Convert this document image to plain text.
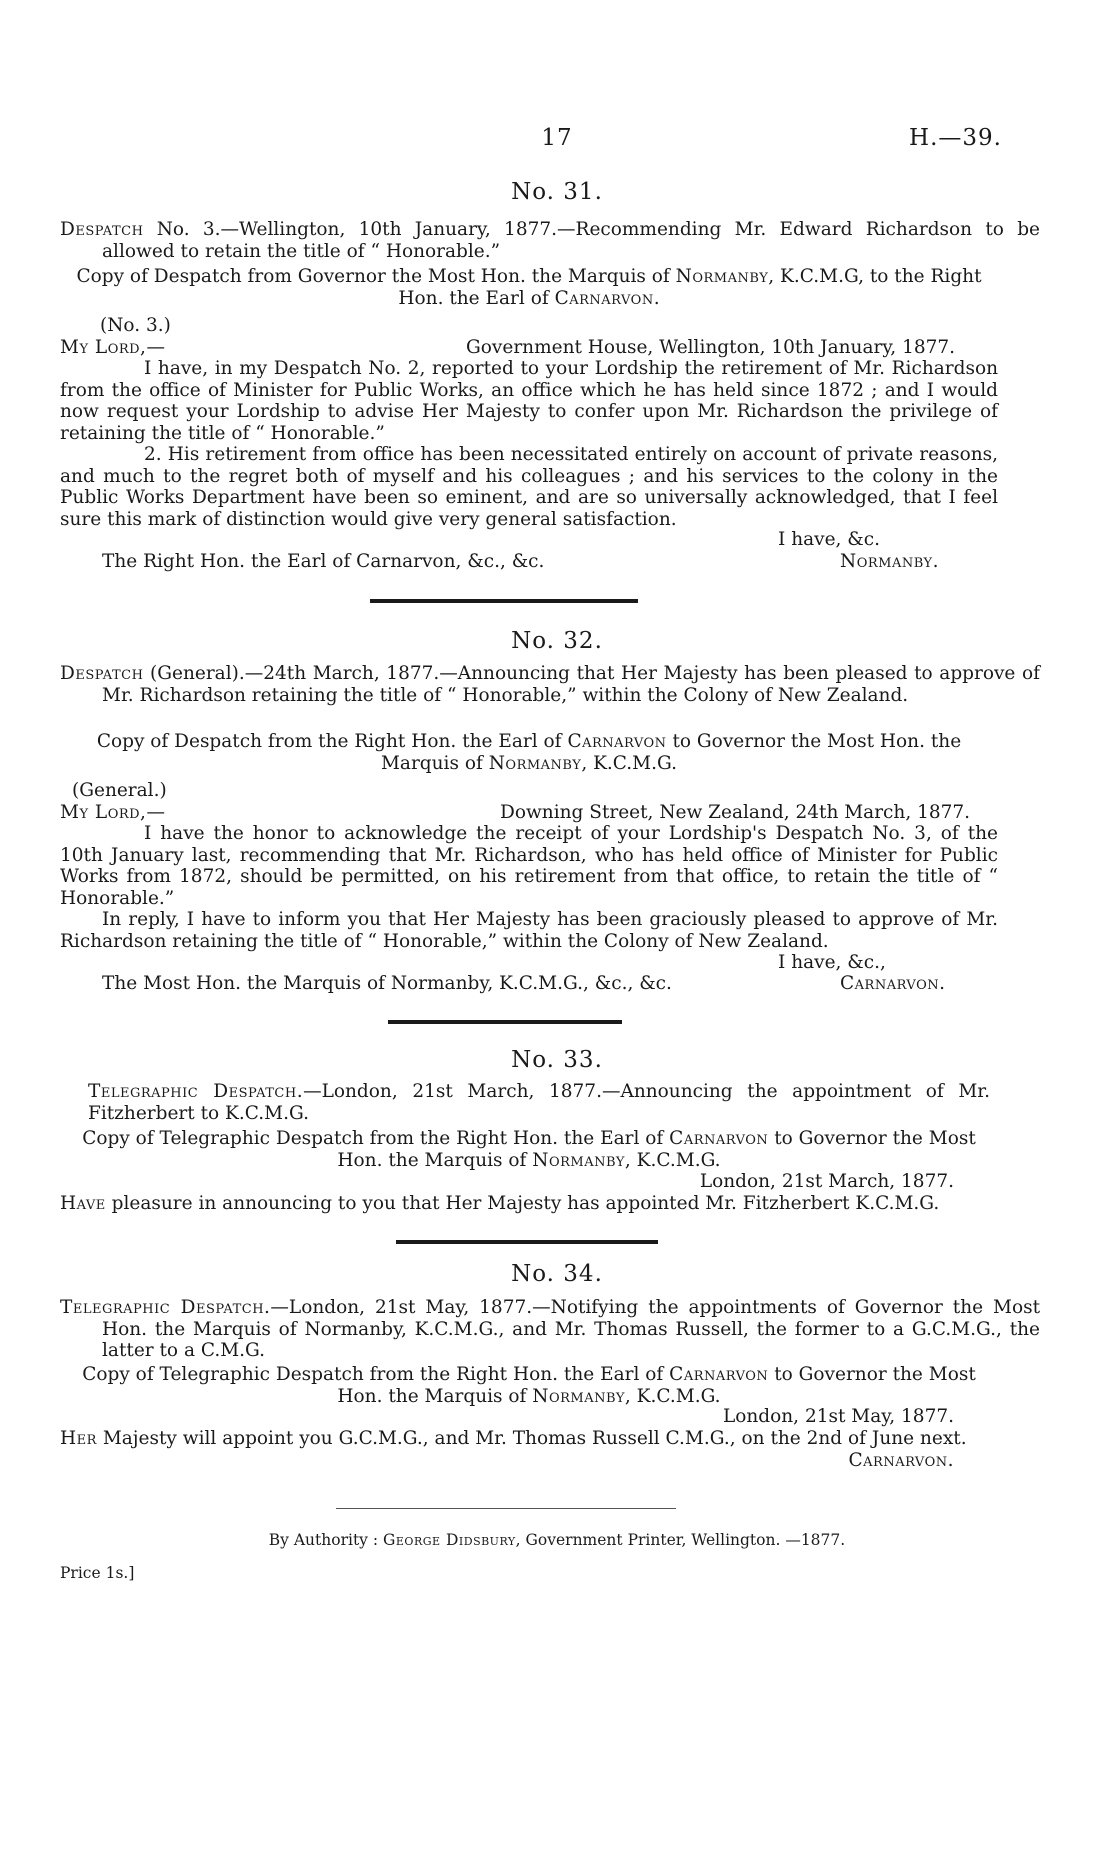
17	H.—39.
No. 31.
Despatch No. 3.—Wellington, 10th January, 1877.—Recommending Mr. Edward Richardson to be allowed to retain the title of “ Honorable.”
Copy of Despatch from Governor the Most Hon. the Marquis of Normanby, K.C.M.G, to the Right Hon. the Earl of Carnarvon.
(No. 3.)
My Lord,—	Government House, Wellington, 10th January, 1877.
I have, in my Despatch No. 2, reported to your Lordship the retirement of Mr. Richardson from the office of Minister for Public Works, an office which he has held since 1872 ; and I would now request your Lordship to advise Her Majesty to confer upon Mr. Richardson the privilege of retaining the title of “ Honorable.”
2. His retirement from office has been necessitated entirely on account of private reasons, and much to the regret both of myself and his colleagues ; and his services to the colony in the Public Works Department have been so eminent, and are so universally acknowledged, that I feel sure this mark of distinction would give very general satisfaction.
I have, &c.
The Right Hon. the Earl of Carnarvon, &c., &c.	Normanby.
No. 32.
Despatch (General).—24th March, 1877.—Announcing that Her Majesty has been pleased to approve of Mr. Richardson retaining the title of “ Honorable,” within the Colony of New Zealand.
Copy of Despatch from the Right Hon. the Earl of Carnarvon to Governor the Most Hon. the Marquis of Normanby, K.C.M.G.
(General.)
My Lord,—	Downing Street, New Zealand, 24th March, 1877.
I have the honor to acknowledge the receipt of your Lordship's Despatch No. 3, of the 10th January last, recommending that Mr. Richardson, who has held office of Minister for Public Works from 1872, should be permitted, on his retirement from that office, to retain the title of “ Honorable.”
In reply, I have to inform you that Her Majesty has been graciously pleased to approve of Mr. Richardson retaining the title of “ Honorable,” within the Colony of New Zealand.
I have, &c.,
The Most Hon. the Marquis of Normanby, K.C.M.G., &c., &c.	Carnarvon.
No. 33.
Telegraphic Despatch.—London, 21st March, 1877.—Announcing the appointment of Mr. Fitzherbert to K.C.M.G.
Copy of Telegraphic Despatch from the Right Hon. the Earl of Carnarvon to Governor the Most Hon. the Marquis of Normanby, K.C.M.G.
London, 21st March, 1877.
Have pleasure in announcing to you that Her Majesty has appointed Mr. Fitzherbert K.C.M.G.
No. 34.
Telegraphic Despatch.—London, 21st May, 1877.—Notifying the appointments of Governor the Most Hon. the Marquis of Normanby, K.C.M.G., and Mr. Thomas Russell, the former to a G.C.M.G., the latter to a C.M.G.
Copy of Telegraphic Despatch from the Right Hon. the Earl of Carnarvon to Governor the Most Hon. the Marquis of Normanby, K.C.M.G.
London, 21st May, 1877.
Her Majesty will appoint you G.C.M.G., and Mr. Thomas Russell C.M.G., on the 2nd of June next.
Carnarvon.
By Authority : George Didsbury, Government Printer, Wellington. —1877.
Price 1s.]
